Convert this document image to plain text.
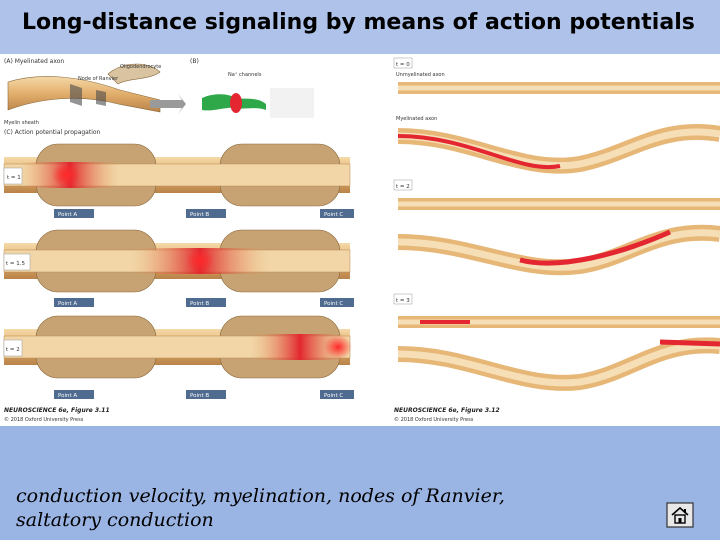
Long-distance signaling by means of action potentials
(A) Myelinated axon	(B)
Oligodendrocyte
Node of Ranvier
Myelin sheath
Na⁺ channels
(C) Action potential propagation
t = 1
Point A	Point B	Point C
t = 1.5
Point A	Point B	Point C
t = 2
Point A	Point B	Point C
NEUROSCIENCE 6e, Figure 3.11
© 2018 Oxford University Press
t = 0
Unmyelinated axon
Myelinated axon
t = 2
t = 3
NEUROSCIENCE 6e, Figure 3.12
© 2018 Oxford University Press
conduction velocity, myelination, nodes of Ranvier,
saltatory conduction
